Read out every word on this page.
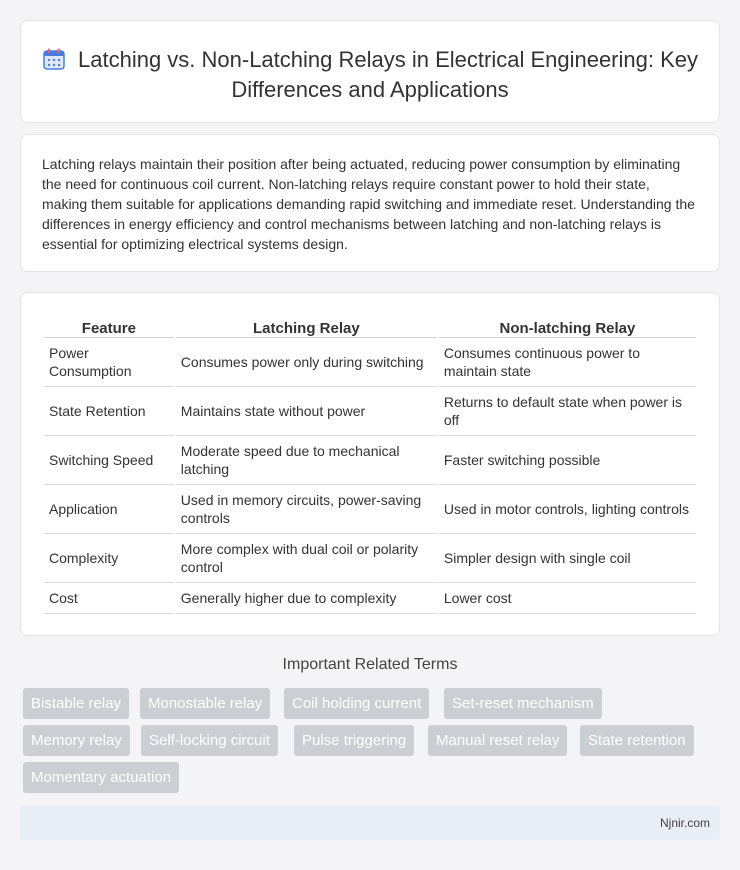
Latching vs. Non-Latching Relays in Electrical Engineering: Key Differences and Applications

Latching relays maintain their position after being actuated, reducing power consumption by eliminating the need for continuous coil current. Non-latching relays require constant power to hold their state, making them suitable for applications demanding rapid switching and immediate reset. Understanding the differences in energy efficiency and control mechanisms between latching and non-latching relays is essential for optimizing electrical systems design.

Feature	Latching Relay	Non-latching Relay
Power Consumption	Consumes power only during switching	Consumes continuous power to maintain state
State Retention	Maintains state without power	Returns to default state when power is off
Switching Speed	Moderate speed due to mechanical latching	Faster switching possible
Application	Used in memory circuits, power-saving controls	Used in motor controls, lighting controls
Complexity	More complex with dual coil or polarity control	Simpler design with single coil
Cost	Generally higher due to complexity	Lower cost
Important Related Terms
Bistable relay	Monostable relay	Coil holding current	Set-reset mechanism
Memory relay	Self-locking circuit	Pulse triggering	Manual reset relay	State retention
Momentary actuation
Njnir.com
